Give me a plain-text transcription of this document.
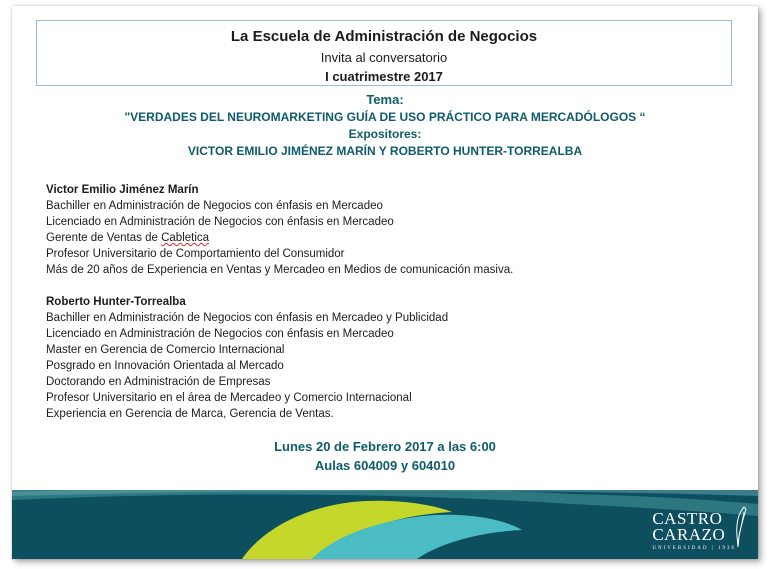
La Escuela de Administración de Negocios
Invita al conversatorio
I cuatrimestre 2017
Tema:
"VERDADES DEL NEUROMARKETING GUÍA DE USO PRÁCTICO PARA MERCADÓLOGOS “
Expositores:
VICTOR EMILIO JIMÉNEZ MARÍN Y ROBERTO HUNTER-TORREALBA
Victor Emilio Jiménez Marín
Bachiller en Administración de Negocios con énfasis en Mercadeo
Licenciado en Administración de Negocios con énfasis en Mercadeo
Gerente de Ventas de Cabletica
Profesor Universitario de Comportamiento del Consumidor
Más de 20 años de Experiencia en Ventas y Mercadeo en Medios de comunicación masiva.
Roberto Hunter-Torrealba
Bachiller en Administración de Negocios con énfasis en Mercadeo y Publicidad
Licenciado en Administración de Negocios con énfasis en Mercadeo
Master en Gerencia de Comercio Internacional
Posgrado en Innovación Orientada al Mercado
Doctorando en Administración de Empresas
Profesor Universitario en el área de Mercadeo y Comercio Internacional
Experiencia en Gerencia de Marca, Gerencia de Ventas.
Lunes 20 de Febrero 2017 a las 6:00
Aulas 604009 y 604010
CASTRO
CARAZO
UNIVERSIDAD | 1936
